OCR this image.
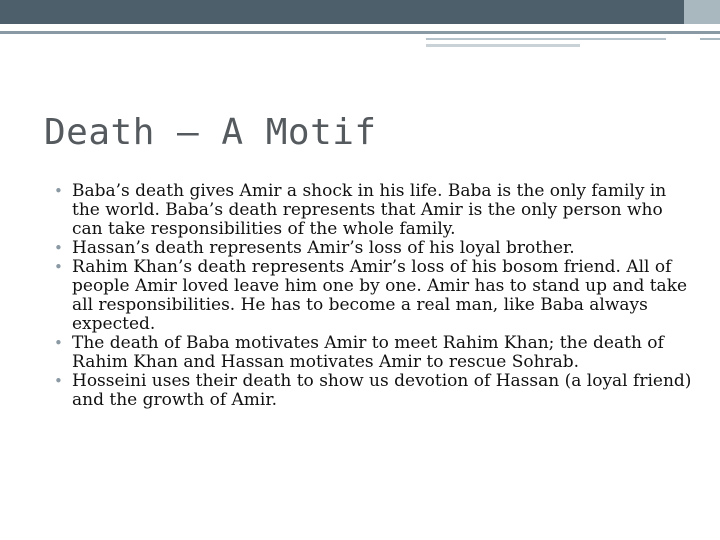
Death – A Motif
• Baba’s death gives Amir a shock in his life. Baba is the only family in the world. Baba’s death represents that Amir is the only person who can take responsibilities of the whole family.
• Hassan’s death represents Amir’s loss of his loyal brother.
• Rahim Khan’s death represents Amir’s loss of his bosom friend. All of people Amir loved leave him one by one. Amir has to stand up and take all responsibilities. He has to become a real man, like Baba always expected.
• The death of Baba motivates Amir to meet Rahim Khan; the death of Rahim Khan and Hassan motivates Amir to rescue Sohrab.
• Hosseini uses their death to show us devotion of Hassan (a loyal friend) and the growth of Amir.
